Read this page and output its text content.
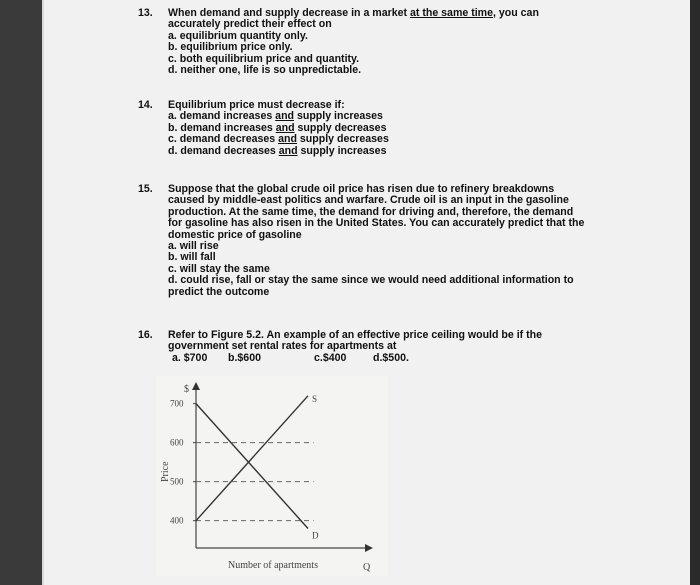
13. When demand and supply decrease in a market at the same time, you can
accurately predict their effect on
a. equilibrium quantity only.
b. equilibrium price only.
c. both equilibrium price and quantity.
d. neither one, life is so unpredictable.
14. Equilibrium price must decrease if:
a. demand increases and supply increases
b. demand increases and supply decreases
c. demand decreases and supply decreases
d. demand decreases and supply increases
15. Suppose that the global crude oil price has risen due to refinery breakdowns
caused by middle-east politics and warfare. Crude oil is an input in the gasoline
production. At the same time, the demand for driving and, therefore, the demand
for gasoline has also risen in the United States. You can accurately predict that the
domestic price of gasoline
a. will rise
b. will fall
c. will stay the same
d. could rise, fall or stay the same since we would need additional information to
predict the outcome
16. Refer to Figure 5.2. An example of an effective price ceiling would be if the
government set rental rates for apartments at
a. $700 b.$600	c.$400	d.$500.
$
700
600
500
400
D
S
Price
Number of apartments	Q
